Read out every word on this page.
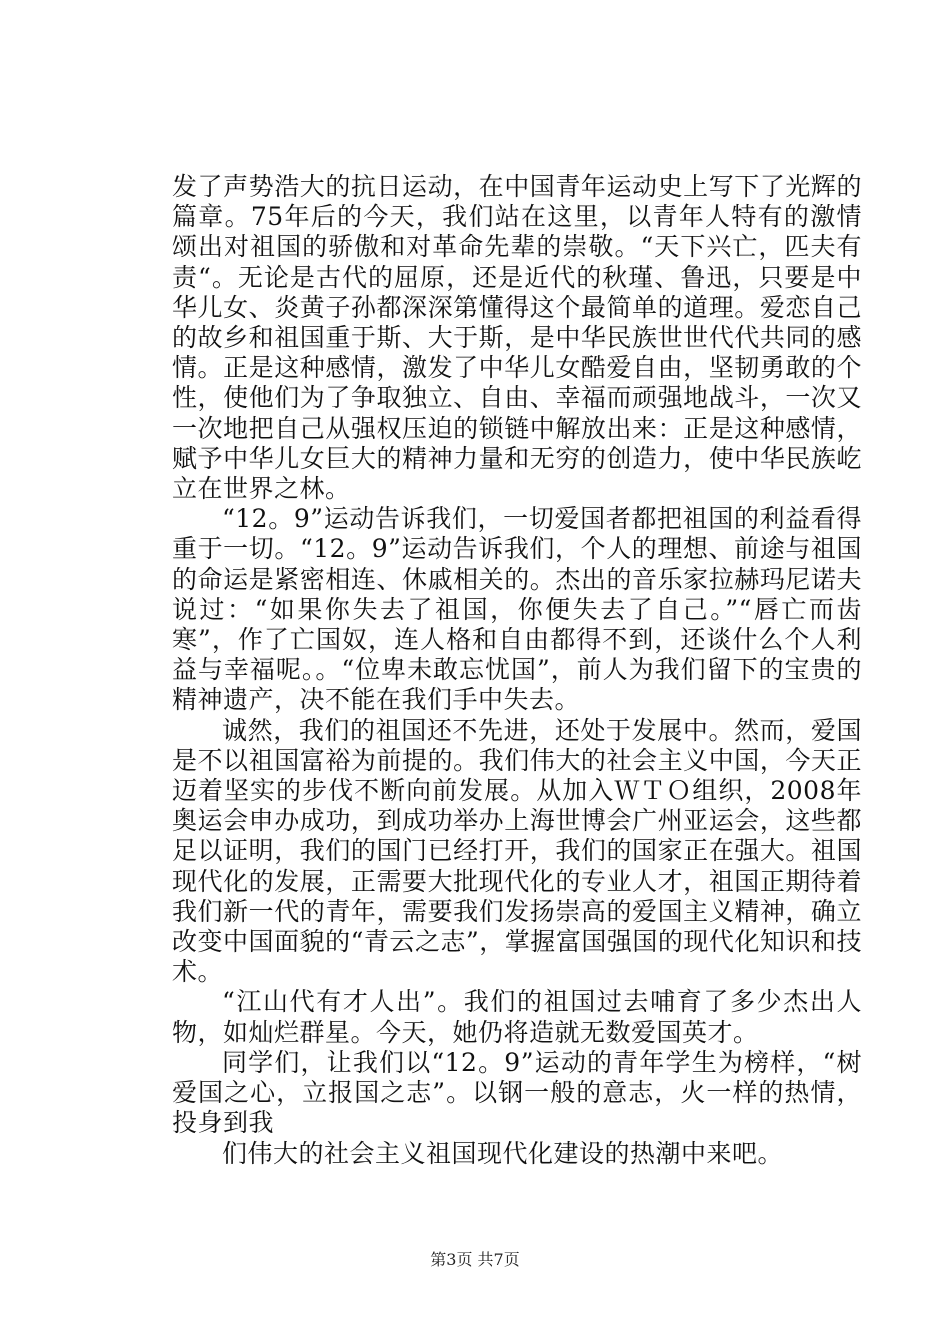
发了声势浩大的抗日运动，在中国青年运动史上写下了光辉的篇章。75年后的今天，我们站在这里，以青年人特有的激情颂出对祖国的骄傲和对革命先辈的崇敬。“天下兴亡，匹夫有责“。无论是古代的屈原，还是近代的秋瑾、鲁迅，只要是中华儿女、炎黄子孙都深深第懂得这个最简单的道理。爱恋自己的故乡和祖国重于斯、大于斯，是中华民族世世代代共同的感情。正是这种感情，激发了中华儿女酷爱自由，坚韧勇敢的个性，使他们为了争取独立、自由、幸福而顽强地战斗，一次又一次地把自己从强权压迫的锁链中解放出来：正是这种感情，赋予中华儿女巨大的精神力量和无穷的创造力，使中华民族屹立在世界之林。

“12。9”运动告诉我们，一切爱国者都把祖国的利益看得重于一切。“12。9”运动告诉我们，个人的理想、前途与祖国的命运是紧密相连、休戚相关的。杰出的音乐家拉赫玛尼诺夫说过：“如果你失去了祖国，你便失去了自己。”“唇亡而齿寒”，作了亡国奴，连人格和自由都得不到，还谈什么个人利益与幸福呢。。“位卑未敢忘忧国”，前人为我们留下的宝贵的精神遗产，决不能在我们手中失去。

诚然，我们的祖国还不先进，还处于发展中。然而，爱国是不以祖国富裕为前提的。我们伟大的社会主义中国，今天正迈着坚实的步伐不断向前发展。从加入ＷＴＯ组织，2008年奥运会申办成功，到成功举办上海世博会广州亚运会，这些都足以证明，我们的国门已经打开，我们的国家正在强大。祖国现代化的发展，正需要大批现代化的专业人才，祖国正期待着我们新一代的青年，需要我们发扬崇高的爱国主义精神，确立改变中国面貌的“青云之志”，掌握富国强国的现代化知识和技术。

“江山代有才人出”。我们的祖国过去哺育了多少杰出人物，如灿烂群星。今天，她仍将造就无数爱国英才。

同学们，让我们以“12。9”运动的青年学生为榜样，“树爱国之心，立报国之志”。以钢一般的意志，火一样的热情，投身到我

们伟大的社会主义祖国现代化建设的热潮中来吧。

第3页 共7页
